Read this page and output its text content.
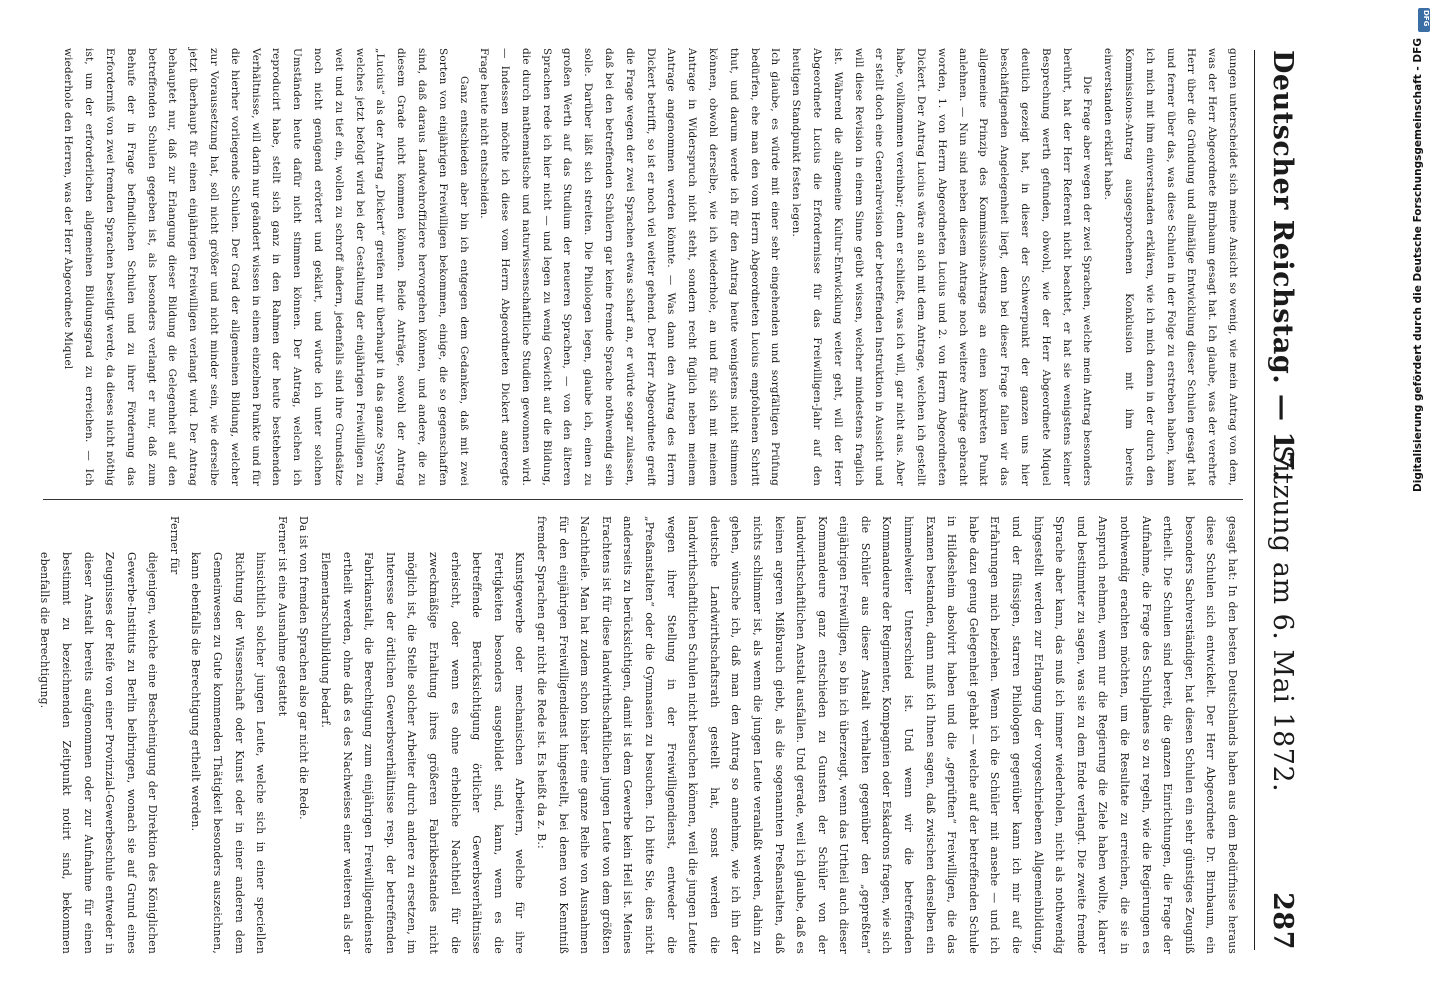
Deutscher Reichstag. — 17.
Sitzung am 6. Mai 1872.
287

gungen unterscheidet sich meine Ansicht so wenig, wie mein Antrag von dem, was der Herr Abgeordnete Birnbaum gesagt hat. Ich glaube, was der verehrte Herr über die Gründung und allmälige Entwicklung dieser Schulen gesagt hat und ferner über das, was diese Schulen in der Folge zu erstreben haben, kann ich mich mit ihm einverstanden erklären, wie ich mich denn in der durch den Kommissions-Antrag ausgesprochenen Konklusion mit ihm bereits einverstanden erklärt habe.

Die Frage aber wegen der zwei Sprachen, welche mein Antrag besonders berührt, hat der Herr Referent nicht beachtet, er hat sie wenigstens keiner Besprechung werth gefunden, obwohl, wie der Herr Abgeordnete Miquel deutlich gezeigt hat, in dieser der Schwerpunkt der ganzen uns hier beschäftigenden Angelegenheit liegt, denn bei dieser Frage fallen wir das allgemeine Prinzip des Kommissions-Antrags an einen konkreten Punkt anlehnen. — Nun sind neben diesem Antrage noch weitere Anträge gebracht worden, 1. von Herrn Abgeordneten Lucius und 2. von Herrn Abgeordneten Dickert. Der Antrag Lucius wäre an sich mit dem Antrage, welchen ich gestellt habe, vollkommen vereinbar; denn er schließt, was ich will, gar nicht aus. Aber er stellt doch eine Generalrevision der betreffenden Instruktion in Aussicht und will diese Revision in einem Sinne geübt wissen, welcher mindestens fraglich ist. Während die allgemeine Kultur-Entwicklung weiter geht, will der Herr Abgeordnete Lucius die Erfordernisse für das Freiwilligen-Jahr auf den heutigen Standpunkt festen legen.

Ich glaube, es würde mit einer sehr eingehenden und sorgfältigen Prüfung bedürfen, ehe man den vom Herrn Abgeordneten Lucius empfohlenen Schritt thut, und darum werde ich für den Antrag heute wenigstens nicht stimmen können, obwohl derselbe, wie ich wiederhole, an und für sich mit meinem Antrage in Widerspruch nicht steht, sondern recht füglich neben meinem Antrage angenommen werden könnte. — Was dann den Antrag des Herrn Dickert betrifft, so ist er noch viel weiter gehend. Der Herr Abgeordnete greift die Frage wegen der zwei Sprachen etwas scharf an, er würde sogar zulassen, daß bei den betreffenden Schülern gar keine fremde Sprache nothwendig sein solle. Darüber läßt sich streiten. Die Philologen legen, glaube ich, einen zu großen Werth auf das Studium der neueren Sprachen, — von den älteren Sprachen rede ich hier nicht — und legen zu wenig Gewicht auf die Bildung, die durch mathematische und naturwissenschaftliche Studien gewonnen wird. — Indessen möchte ich diese vom Herrn Abgeordneten Dickert angeregte Frage heute nicht entscheiden.

Ganz entschieden aber bin ich entgegen dem Gedanken, daß mit zwei Sorten von einjährigen Freiwilligen bekommen, einige, die so gegenschaffen sind, daß daraus Landwehroffiziere hervorgehen können, und andere, die zu diesem Grade nicht kommen können. Beide Anträge, sowohl der Antrag „Lucius“ als der Antrag „Dickert“ greifen mir überhaupt in das ganze System, welches jetzt befolgt wird bei der Gestaltung der einjährigen Freiwilligen zu weit und zu tief ein, wollen zu schroff ändern, jedenfalls sind ihre Grundsätze noch nicht genügend erörtert und geklärt, und würde ich unter solchen Umständen heute dafür nicht stimmen können. Der Antrag, welchen ich reproducirt habe, stellt sich ganz in den Rahmen der heute bestehenden Verhältnisse, will darin nur geändert wissen in einem einzelnen Punkte und für die hierher vorliegende Schulen. Der Grad der allgemeinen Bildung, welcher zur Voraussetzung hat, soll nicht größer und nicht minder sein, wie derselbe jetzt überhaupt für einen einjährigen Freiwilligen verlangt wird. Der Antrag behauptet nur, daß zur Erlangung dieser Bildung die Gelegenheit auf den betreffenden Schulen gegeben ist, als besonders verlangt er nur, daß zum Behufe der in Frage befindlichen Schulen und zu ihrer Förderung das Erforderniß von zwei fremden Sprachen beseitigt werde, da dieses nicht nöthig ist, um der erforderlichen allgemeinen Bildungsgrad zu erreichen. — Ich wiederhole den Herren, was der Herr Abgeordnete Miquel

gesagt hat: In den besten Deutschlands haben aus dem Bedürfnisse heraus diese Schulen sich entwickelt. Der Herr Abgeordnete Dr. Birnbaum, ein besonders Sachverständiger, hat diesen Schulen ein sehr günstiges Zeugniß ertheilt. Die Schulen sind bereit, die ganzen Einrichtungen, die Frage der Aufnahme, die Frage des Schulplanes so zu regeln, wie die Regierungen es nothwendig erachten möchten, um die Resultate zu erreichen, die sie in Anspruch nehmen, wenn nur die Regierung die Ziele haben wollte, klarer und bestimmter zu sagen, was sie zu dem Ende verlangt. Die zweite fremde Sprache aber kann, das muß ich immer wiederholen, nicht als nothwendig hingestellt werden zur Erlangung der vorgeschriebenen Allgemeinbildung, und der flüssigen, starren Philologen gegenüber kann ich mir auf die Erfahrungen mich beziehen. Wenn ich die Schüler mit ansehe — und ich habe dazu genug Gelegenheit gehabt — welche auf der betreffenden Schule in Hildesheim absolvirt haben und die „geprüften“ Freiwilligen, die das Examen bestanden, dann muß ich Ihnen sagen, daß zwischen denselben ein himmelweiter Unterschied ist. Und wenn wir die betreffenden Kommandeure der Regimenter, Kompagnien oder Eskadrons fragen, wie sich die Schüler aus dieser Anstalt verhalten gegenüber den „gepreßten“ einjährigen Freiwilligen, so bin ich überzeugt, wenn das Urtheil auch dieser Kommandeure ganz entschieden zu Gunsten der Schüler von der landwirthschaftlichen Anstalt ausfallen. Und gerade, weil ich glaube, daß es keinen argeren Mißbrauch giebt, als die sogenannten Preßanstalten, daß nichts schlimmer ist, als wenn die jungen Leute veranlaßt werden, dahin zu gehen, wünsche ich, daß man den Antrag so annehme, wie ich ihn der deutsche Landwirthschaftsrath gestellt hat, sonst werden die landwirthschaftlichen Schulen nicht besuchen können, weil die jungen Leute wegen ihrer Stellung in der Freiwilligendienst, entweder die „Preßanstalten“ oder die Gymnasien zu besuchen. Ich bitte Sie, dies nicht anderseits zu berücksichtigen, damit ist dem Gewerbe kein Heil ist. Meines Erachtens ist für diese landwirthschaftlichen jungen Leute von dem größten Nachtheile. Man hat zudem schon bisher eine ganze Reihe von Ausnahmen für den einjährigen Freiwilligendienst hingestellt, bei denen von Kenntniß fremder Sprachen gar nicht die Rede ist. Es heißt da z. B.:

Kunstgewerbe oder mechanischen Arbeitern, welche für ihre Fertigkeiten besonders ausgebildet sind, kann, wenn es die betreffende Berücksichtigung örtlicher Gewerbsverhältnisse erheischt, oder wenn es ohne erhebliche Nachtheil für die zweckmäßige Erhaltung ihres größeren Fabrikbestandes nicht möglich ist, die Stelle solcher Arbeiter durch andere zu ersetzen, im Interesse der örtlichen Gewerbsverhältnisse resp. der betreffenden Fabrikanstalt, die Berechtigung zum einjährigen Freiwilligendienste ertheilt werden, ohne daß es des Nachweises einer weiteren als der Elementarschulbildung bedarf.

Da ist von fremden Sprachen also gar nicht die Rede.

Ferner ist eine Ausnahme gestattet

hinsichtlich solcher jungen Leute, welche sich in einer speciellen Richtung der Wissenschaft oder Kunst oder in einer anderen dem Gemeinwesen zu Gute kommenden Thätigkeit besonders auszeichnen, kann ebenfalls die Berechtigung ertheilt werden.

Ferner für

diejenigen, welche eine Bescheinigung der Direktion des Königlichen Gewerbe-Instituts zu Berlin beibringen, wonach sie auf Grund eines Zeugnisses der Reife von einer Provinzial-Gewerbeschule entweder in dieser Anstalt bereits aufgenommen oder zur Aufnahme für einen bestimmt zu bezeichnenden Zeitpunkt notirt sind, bekommen ebenfalls die Berechtigung.

DFG
Digitalisierung gefördert durch die Deutsche Forschungsgemeinschaft - DFG
